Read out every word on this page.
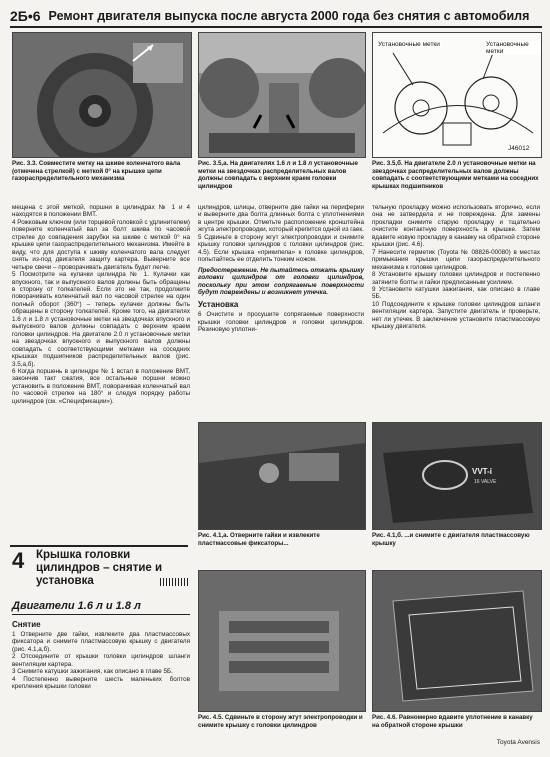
2Б•6 Ремонт двигателя выпуска после августа 2000 года без снятия с автомобиля
Установочные метки	Установочные метки
J46012
Рис. 3.3. Совместите метку на шкиве коленчатого вала (отмечена стрелкой) с меткой 0° на крышке цепи газораспределительного механизма
Рис. 3.5,а. На двигателях 1.6 л и 1.8 л установочные метки на звездочках распределительных валов должны совпадать с верхним краем головки цилиндров
Рис. 3.5,б. На двигателе 2.0 л установочные метки на звездочках распределительных валов должны совпадать с соответствующими метками на соседних крышках подшипников

мещена с этой меткой, поршни в цилиндрах № 1 и 4 находятся в положении ВМТ.

4 Рожковым ключом (или торцевой головкой с удлинителем) поверните коленчатый вал за болт шкива по часовой стрелке до совпадения зарубки на шкиве с меткой 0° на крышке цепи газораспределительного механизма. Имейте в виду, что для доступа к шкиву коленчатого вала следует снять из-под двигателя защиту картера. Выверните все четыре свечи – проворачивать двигатель будет легче.

5 Посмотрите на кулачки цилиндра № 1. Кулачки как впускного, так и выпускного валов должны быть обращены в сторону от толкателей. Если это не так, продолжите поворачивать коленчатый вал по часовой стрелке на один полный оборот (360°) – теперь кулачки должны быть обращены в сторону толкателей. Кроме того, на двигателях 1.6 л и 1.8 л установочные метки на звездочках впускного и выпускного валов должны совпадать с верхним краем головки цилиндров. На двигателе 2.0 л установочные метки на звездочках впускного и выпускного валов должны совпадать с соответствующими метками на соседних крышках подшипников распределительных валов (рис. 3.5,а,б).

6 Когда поршень в цилиндре № 1 встал в положение ВМТ, закончив такт сжатия, все остальные поршни можно установить в положение ВМТ, поворачивая коленчатый вал по часовой стрелке на 180° и следуя порядку работы цилиндров (см. «Спецификации»).

цилиндров, шлицы, отверните две гайки на периферии и выверните два болта длинных болта с уплотнениями в центре крышки. Отметьте расположение кронштейна жгута электропроводки, который крепится одной из гаек.

5 Сдвиньте в сторону жгут электропроводки и снимите крышку головки цилиндров с головки цилиндров (рис. 4.5). Если крышка «прикипела» к головке цилиндров, попытайтесь ее отделить тонким ножом.

Предостережение. Не пытайтесь отжать крышку головки цилиндров от головки цилиндров, поскольку при этом сопрягаемые поверхности будут повреждены и возникнет утечка.

Установка

6 Очистите и просушите сопрягаемые поверхности крышки головки цилиндров и головки цилиндров. Резиновую уплотни-

тельную прокладку можно использовать вторично, если она не затвердела и не повреждена. Для замены прокладки снимите старую прокладку и тщательно очистите контактную поверхность в крышке. Затем вдавите новую прокладку в канавку на обратной стороне крышки (рис. 4.6).

7 Нанесите герметик (Toyota № 08826-00080) в местах примыкания крышки цепи газораспределительного механизма к головке цилиндров.

8 Установите крышку головки цилиндров и постепенно затяните болты и гайки предписанным усилием.

9 Установите катушки зажигания, как описано в главе 5Б.

10 Подсоедините к крышке головки цилиндров шланги вентиляции картера. Запустите двигатель и проверьте, нет ли утечек. В заключение установите пластмассовую крышку двигателя.

VVT-i
16 VALVE
Рис. 4.1,а. Отверните гайки и извлеките пластмассовые фиксаторы...
Рис. 4.1,б. ...и снимите с двигателя пластмассовую крышку
4 Крышка головки цилиндров – снятие и установка
Двигатели 1.6 л и 1.8 л
Снятие

1 Отверните две гайки, извлеките два пластмассовых фиксатора и снимите пластмассовую крышку с двигателя (рис. 4.1,а,б).

2 Отсоедините от крышки головки цилиндров шланги вентиляции картера.

3 Снимите катушки зажигания, как описано в главе 5Б.

4 Постепенно выверните шесть маленьких болтов крепления крышки головки

Рис. 4.5. Сдвиньте в сторону жгут электропроводки и снимите крышку с головки цилиндров
Рис. 4.6. Равномерно вдавите уплотнение в канавку на обратной стороне крышки
Toyota Avensis
